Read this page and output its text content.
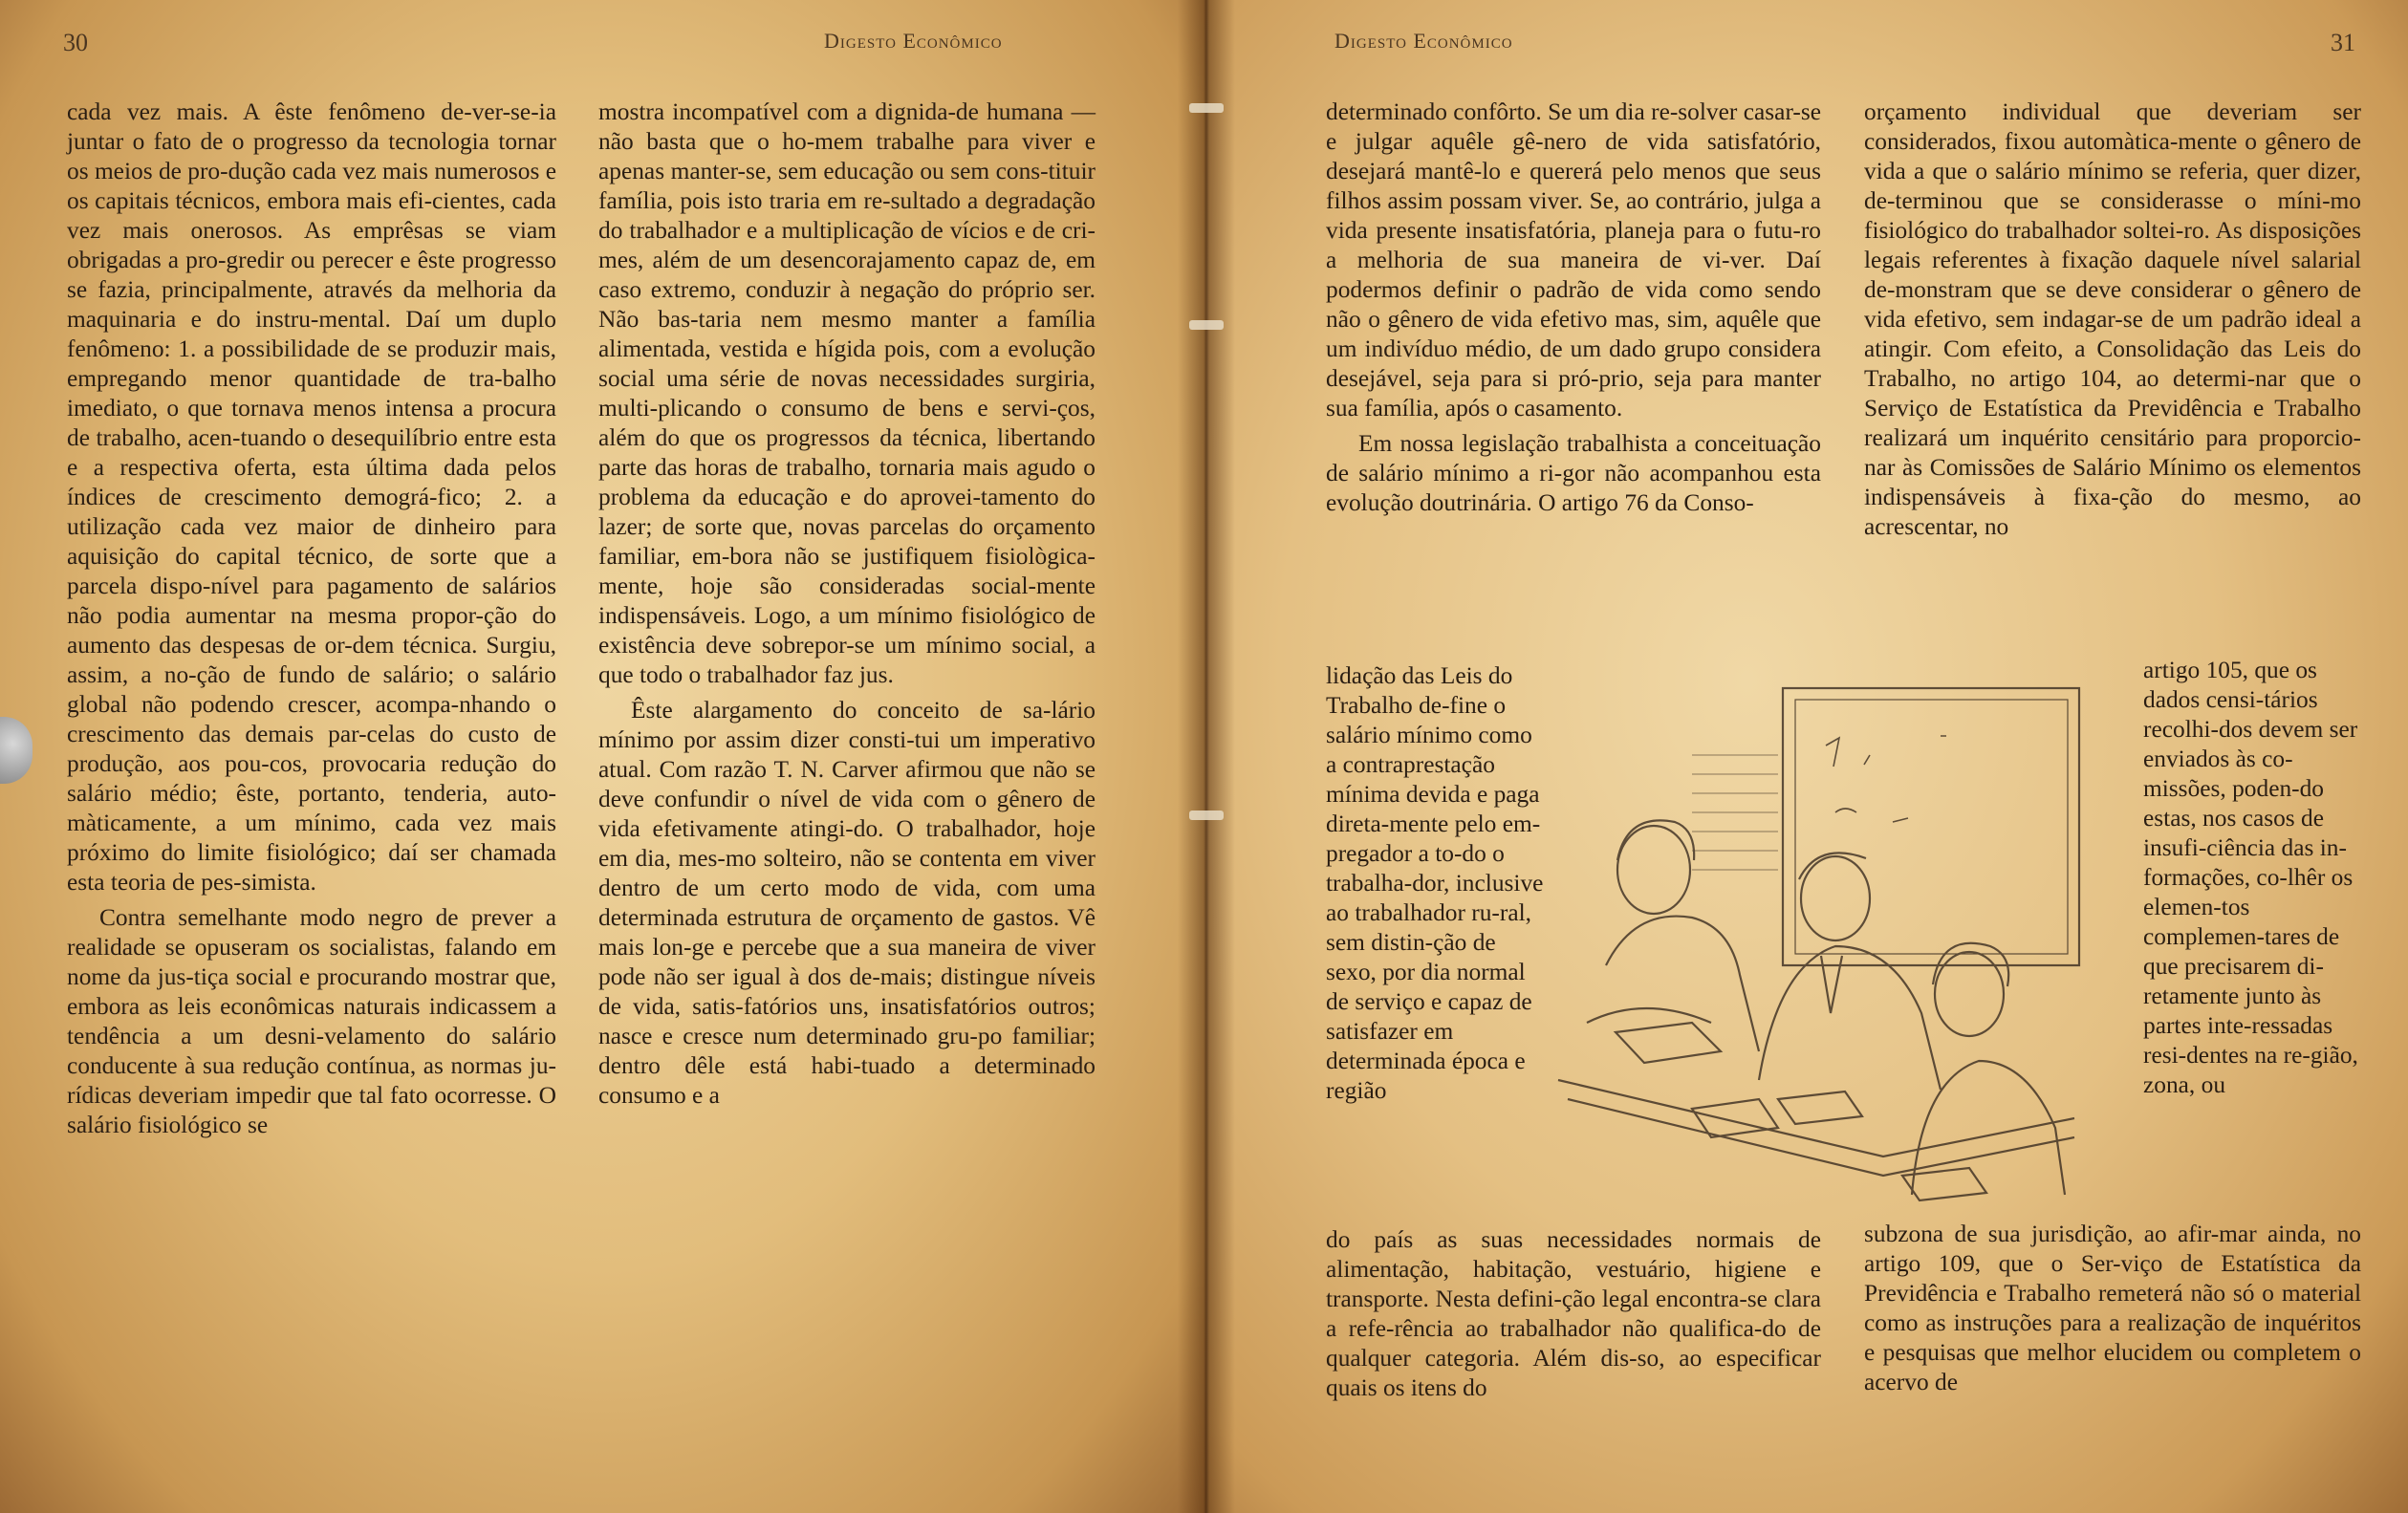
30	Digesto Econômico

cada vez mais. A êste fenômeno de-ver-se-ia juntar o fato de o progresso da tecnologia tornar os meios de pro-dução cada vez mais numerosos e os capitais técnicos, embora mais efi-cientes, cada vez mais onerosos. As emprêsas se viam obrigadas a pro-gredir ou perecer e êste progresso se fazia, principalmente, através da melhoria da maquinaria e do instru-mental. Daí um duplo fenômeno: 1. a possibilidade de se produzir mais, empregando menor quantidade de tra-balho imediato, o que tornava menos intensa a procura de trabalho, acen-tuando o desequilíbrio entre esta e a respectiva oferta, esta última dada pelos índices de crescimento demográ-fico; 2. a utilização cada vez maior de dinheiro para aquisição do capital técnico, de sorte que a parcela dispo-nível para pagamento de salários não podia aumentar na mesma propor-ção do aumento das despesas de or-dem técnica. Surgiu, assim, a no-ção de fundo de salário; o salário global não podendo crescer, acompa-nhando o crescimento das demais par-celas do custo de produção, aos pou-cos, provocaria redução do salário médio; êste, portanto, tenderia, auto-màticamente, a um mínimo, cada vez mais próximo do limite fisiológico; daí ser chamada esta teoria de pes-simista.

Contra semelhante modo negro de prever a realidade se opuseram os socialistas, falando em nome da jus-tiça social e procurando mostrar que, embora as leis econômicas naturais indicassem a tendência a um desni-velamento do salário conducente à sua redução contínua, as normas ju-rídicas deveriam impedir que tal fato ocorresse. O salário fisiológico se

mostra incompatível com a dignida-de humana — não basta que o ho-mem trabalhe para viver e apenas manter-se, sem educação ou sem cons-tituir família, pois isto traria em re-sultado a degradação do trabalhador e a multiplicação de vícios e de cri-mes, além de um desencorajamento capaz de, em caso extremo, conduzir à negação do próprio ser. Não bas-taria nem mesmo manter a família alimentada, vestida e hígida pois, com a evolução social uma série de novas necessidades surgiria, multi-plicando o consumo de bens e servi-ços, além do que os progressos da técnica, libertando parte das horas de trabalho, tornaria mais agudo o problema da educação e do aprovei-tamento do lazer; de sorte que, novas parcelas do orçamento familiar, em-bora não se justifiquem fisiològica-mente, hoje são consideradas social-mente indispensáveis. Logo, a um mínimo fisiológico de existência deve sobrepor-se um mínimo social, a que todo o trabalhador faz jus.

Êste alargamento do conceito de sa-lário mínimo por assim dizer consti-tui um imperativo atual. Com razão T. N. Carver afirmou que não se deve confundir o nível de vida com o gênero de vida efetivamente atingi-do. O trabalhador, hoje em dia, mes-mo solteiro, não se contenta em viver dentro de um certo modo de vida, com uma determinada estrutura de orçamento de gastos. Vê mais lon-ge e percebe que a sua maneira de viver pode não ser igual à dos de-mais; distingue níveis de vida, satis-fatórios uns, insatisfatórios outros; nasce e cresce num determinado gru-po familiar; dentro dêle está habi-tuado a determinado consumo e a

Digesto Econômico	31

determinado confôrto. Se um dia re-solver casar-se e julgar aquêle gê-nero de vida satisfatório, desejará mantê-lo e quererá pelo menos que seus filhos assim possam viver. Se, ao contrário, julga a vida presente insatisfatória, planeja para o futu-ro a melhoria de sua maneira de vi-ver. Daí podermos definir o padrão de vida como sendo não o gênero de vida efetivo mas, sim, aquêle que um indivíduo médio, de um dado grupo considera desejável, seja para si pró-prio, seja para manter sua família, após o casamento.

Em nossa legislação trabalhista a conceituação de salário mínimo a ri-gor não acompanhou esta evolução doutrinária. O artigo 76 da Conso-

lidação das Leis do Trabalho de-fine o salário mínimo como a contraprestação mínima devida e paga direta-mente pelo em-pregador a to-do o trabalha-dor, inclusive ao trabalhador ru-ral, sem distin-ção de sexo, por dia normal de serviço e capaz de satisfazer em determinada época e região

do país as suas necessidades normais de alimentação, habitação, vestuário, higiene e transporte. Nesta defini-ção legal encontra-se clara a refe-rência ao trabalhador não qualifica-do de qualquer categoria. Além dis-so, ao especificar quais os itens do

orçamento individual que deveriam ser considerados, fixou automàtica-mente o gênero de vida a que o salário mínimo se referia, quer dizer, de-terminou que se considerasse o míni-mo fisiológico do trabalhador soltei-ro. As disposições legais referentes à fixação daquele nível salarial de-monstram que se deve considerar o gênero de vida efetivo, sem indagar-se de um padrão ideal a atingir. Com efeito, a Consolidação das Leis do Trabalho, no artigo 104, ao determi-nar que o Serviço de Estatística da Previdência e Trabalho realizará um inquérito censitário para proporcio-nar às Comissões de Salário Mínimo os elementos indispensáveis à fixa-ção do mesmo, ao acrescentar, no

artigo 105, que os dados censi-tários recolhi-dos devem ser enviados às co-missões, poden-do estas, nos casos de insufi-ciência das in-formações, co-lhêr os elemen-tos complemen-tares de que precisarem di-retamente junto às partes inte-ressadas resi-dentes na re-gião, zona, ou

subzona de sua jurisdição, ao afir-mar ainda, no artigo 109, que o Ser-viço de Estatística da Previdência e Trabalho remeterá não só o material como as instruções para a realização de inquéritos e pesquisas que melhor elucidem ou completem o acervo de
